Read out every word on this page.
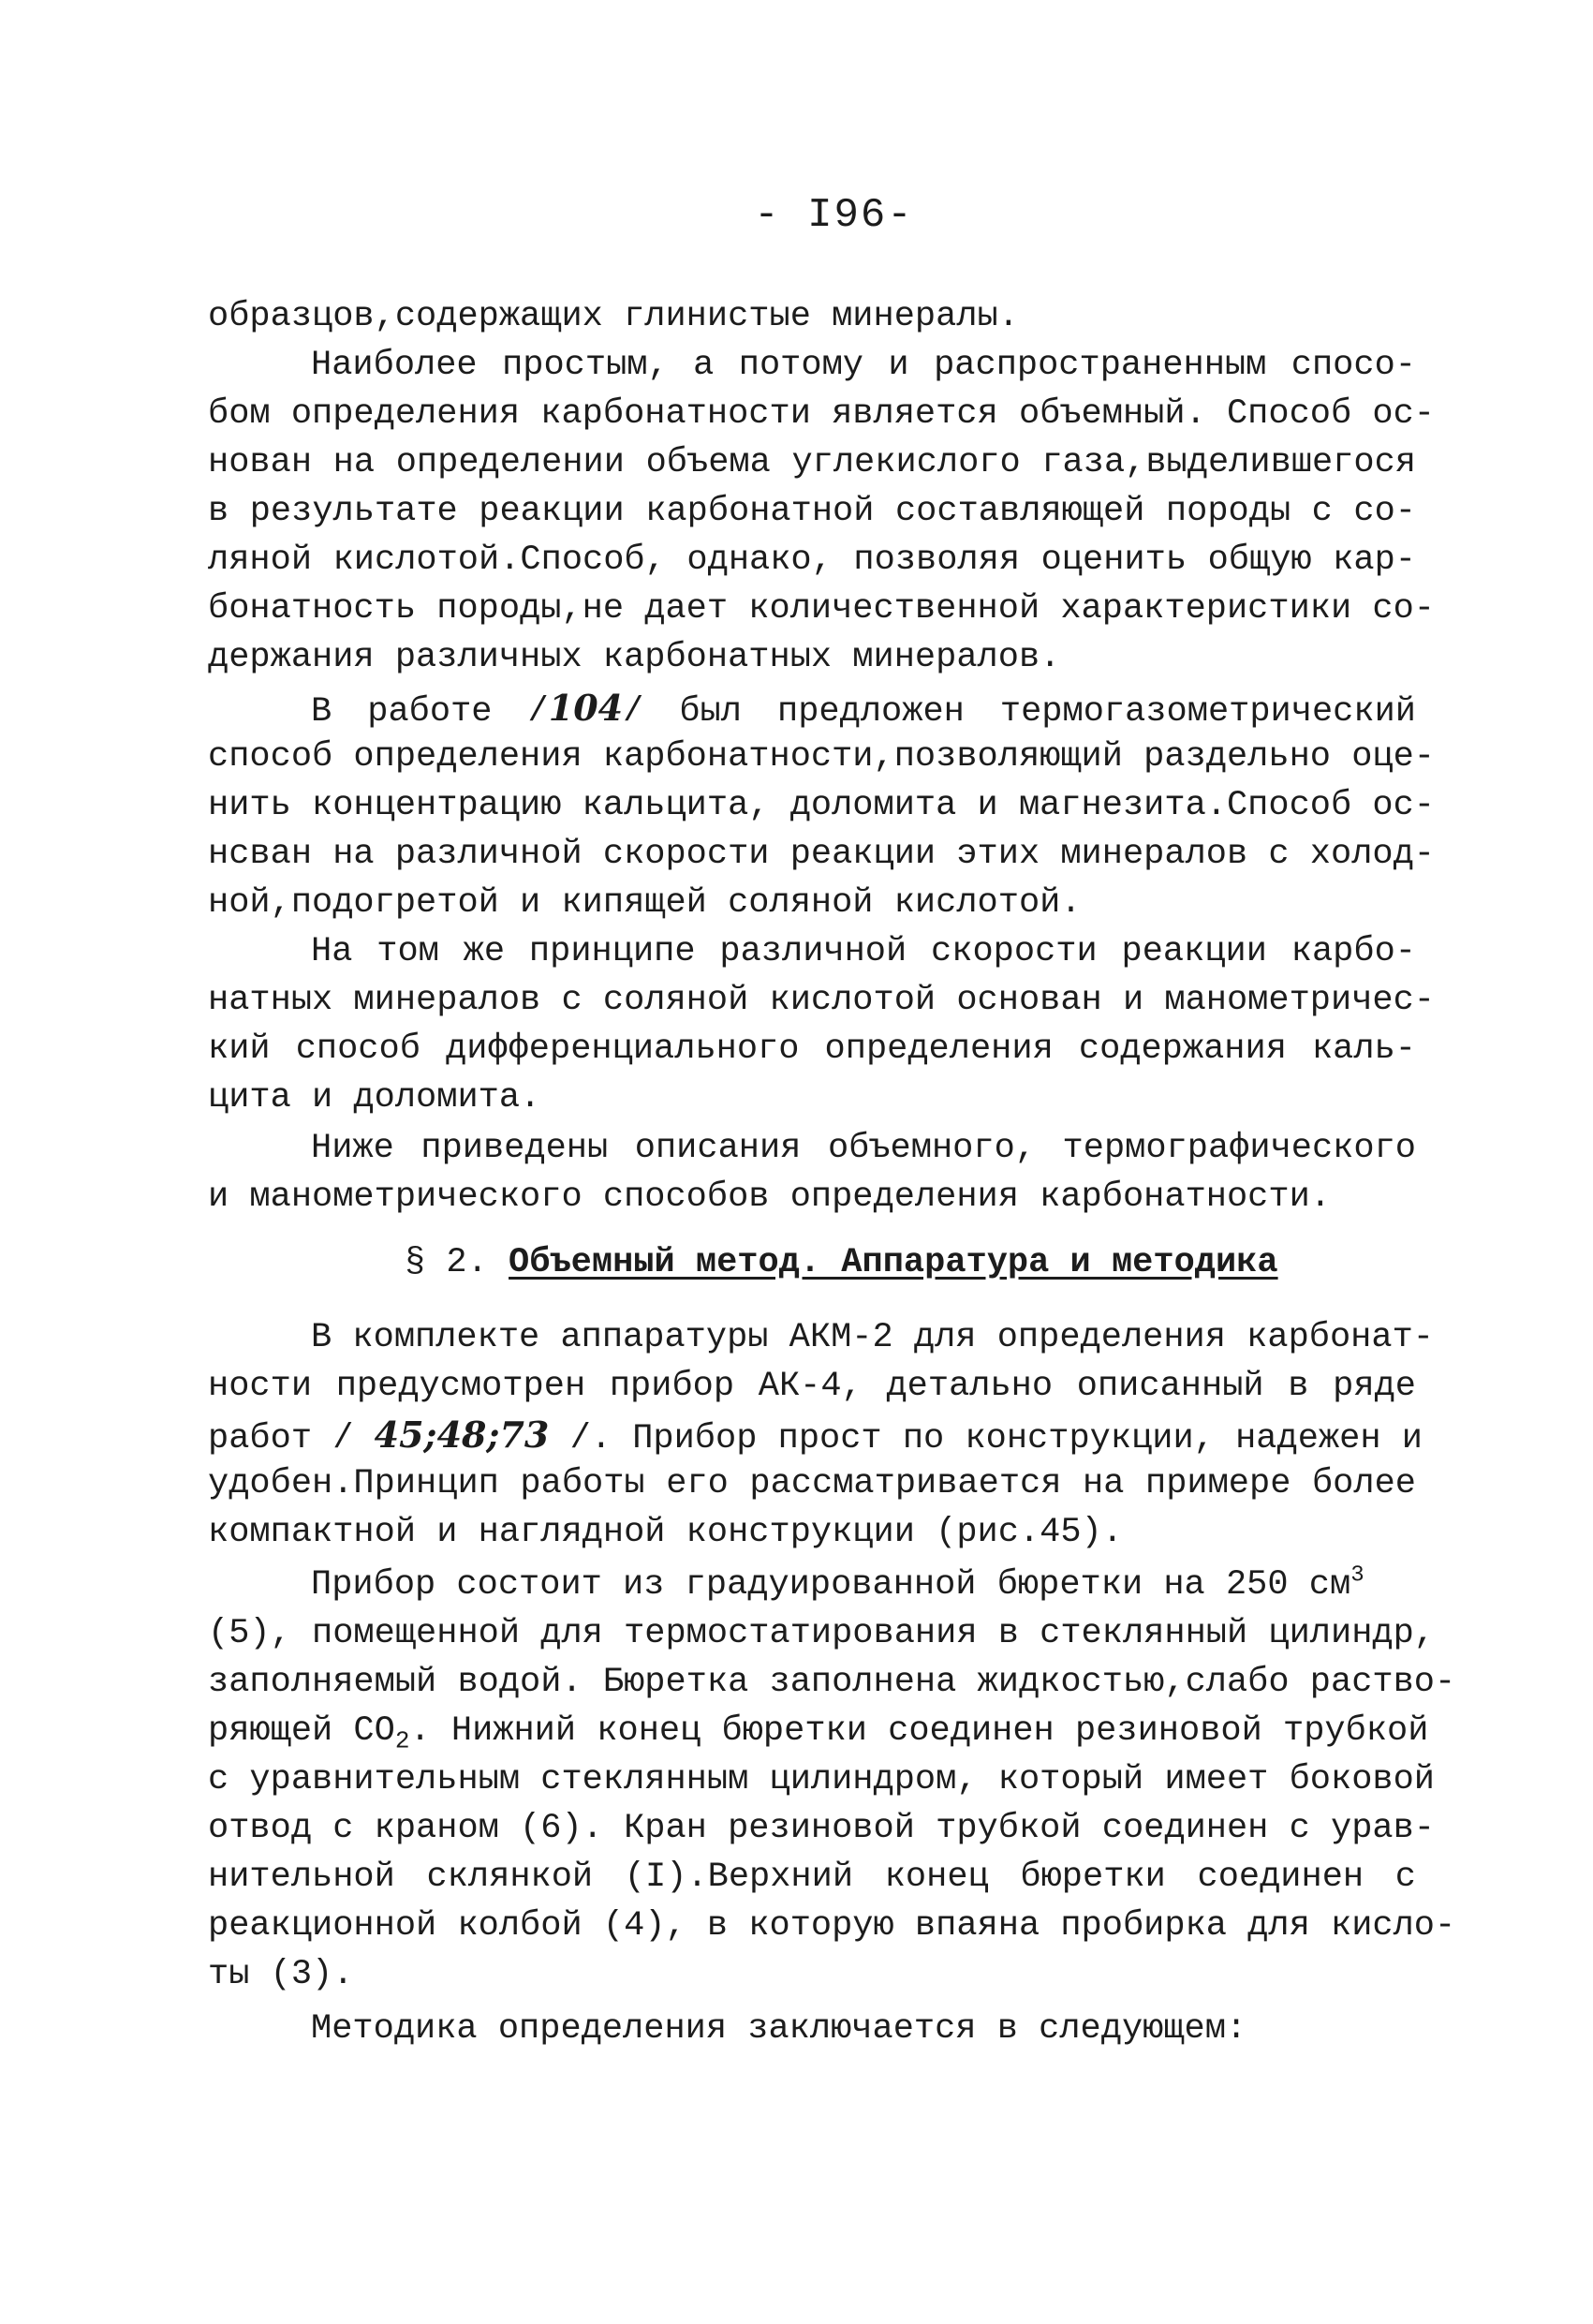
- I96-
образцов,содержащих глинистые минералы.
Наиболее простым, а потому и распространенным спосо-
бом определения карбонатности является объемный. Способ ос-
нован на определении объема углекислого газа,выделившегося
в результате реакции карбонатной составляющей породы с со-
ляной кислотой.Способ, однако, позволяя оценить общую кар-
бонатность породы,не дает количественной характеристики со-
держания различных карбонатных минералов.
В работе /104/ был предложен термогазометрический
способ определения карбонатности,позволяющий раздельно оце-
нить концентрацию кальцита, доломита и магнезита.Способ ос-
нсван на различной скорости реакции этих минералов с холод-
ной,подогретой и кипящей соляной кислотой.
На том же принципе различной скорости реакции карбо-
натных минералов с соляной кислотой основан и манометричес-
кий способ дифференциального определения содержания каль-
цита и доломита.
Ниже приведены описания объемного, термографического
и манометрического способов определения карбонатности.
§ 2. Объемный метод. Аппаратура и методика
В комплекте аппаратуры АКМ-2 для определения карбонат-
ности предусмотрен прибор АК-4, детально описанный в ряде
работ / 45;48;73 /. Прибор прост по конструкции, надежен и
удобен.Принцип работы его рассматривается на примере более
компактной и наглядной конструкции (рис.45).
Прибор состоит из градуированной бюретки на 250 $см^3$
(5), помещенной для термостатирования в стеклянный цилиндр,
заполняемый водой. Бюретка заполнена жидкостью,слабо раство-
ряющей $СО_2$. Нижний конец бюретки соединен резиновой трубкой
с уравнительным стеклянным цилиндром, который имеет боковой
отвод с краном (6). Кран резиновой трубкой соединен с урав-
нительной склянкой (I).Верхний конец бюретки соединен с
реакционной колбой (4), в которую впаяна пробирка для кисло-
ты (3).
Методика определения заключается в следующем:
